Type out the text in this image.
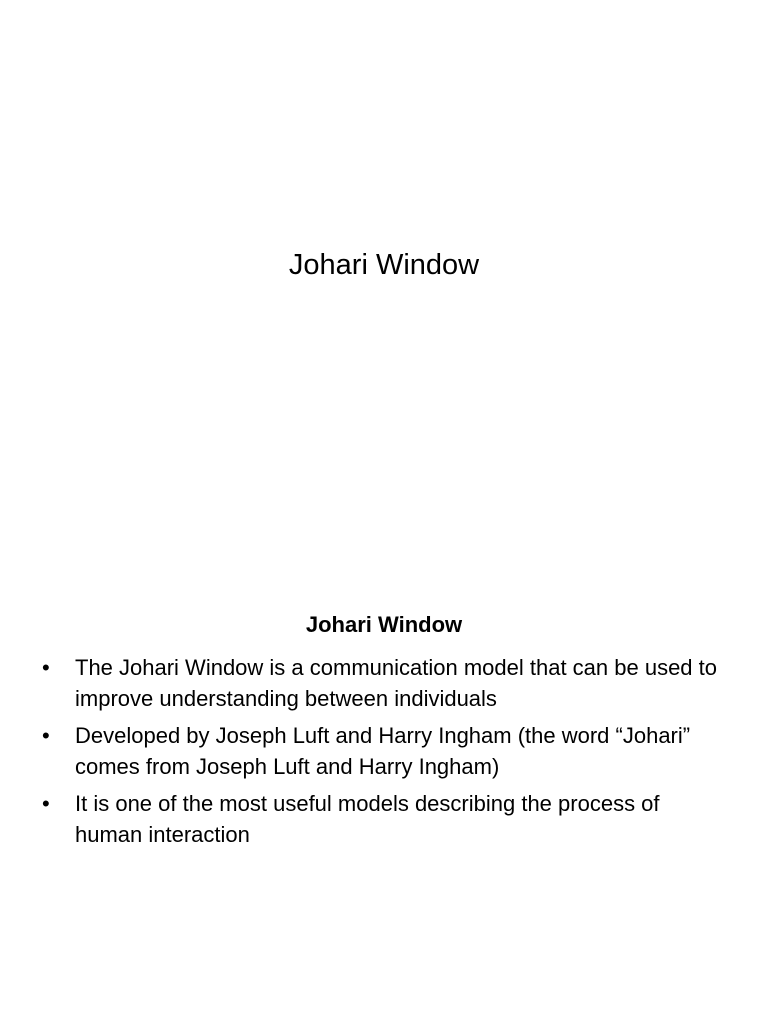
Johari Window
Johari Window
• The Johari Window is a communication model that can be used to improve understanding between individuals
• Developed by Joseph Luft and Harry Ingham (the word “Johari” comes from Joseph Luft and Harry Ingham)
• It is one of the most useful models describing the process of human interaction
